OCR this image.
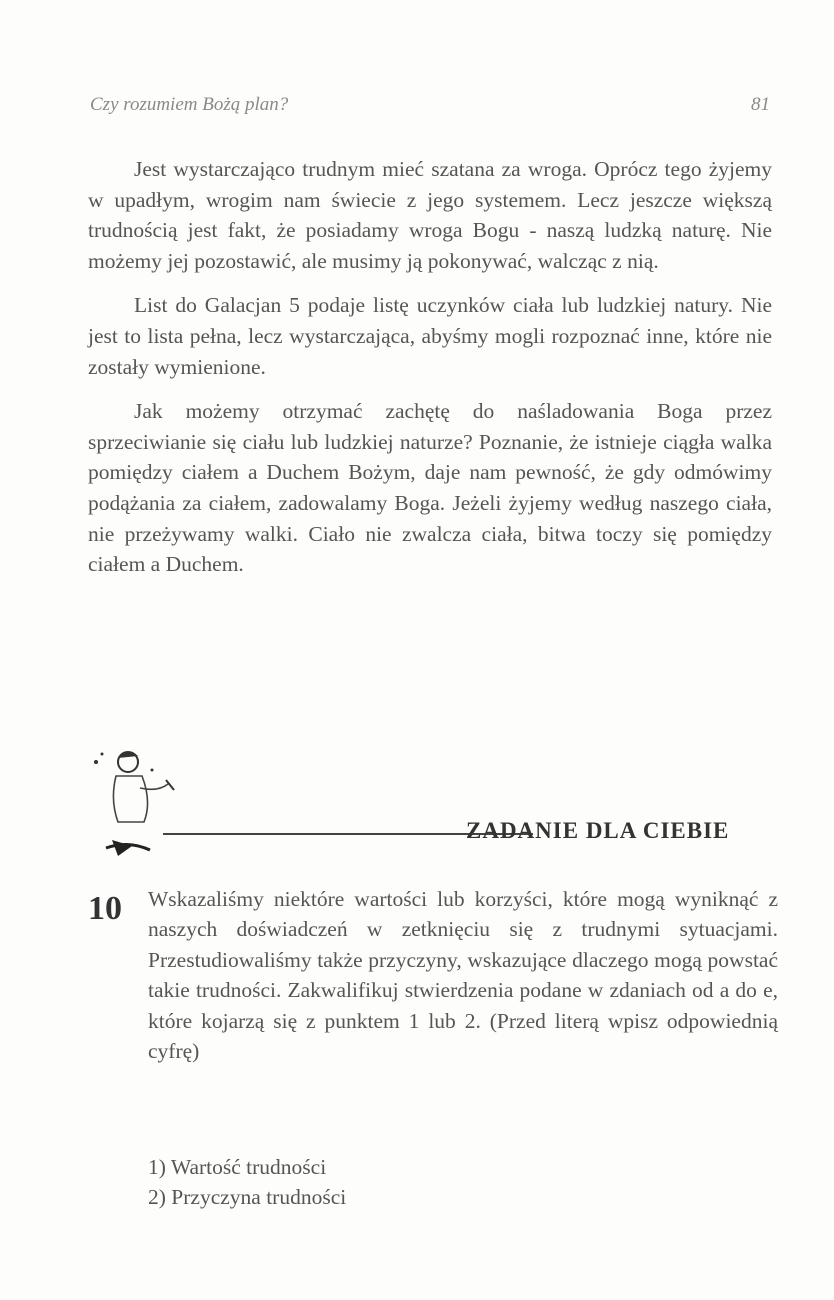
Czy rozumiem Bożą plan?	81

Jest wystarczająco trudnym mieć szatana za wroga. Oprócz tego żyjemy w upadłym, wrogim nam świecie z jego systemem. Lecz jeszcze większą trudnością jest fakt, że posiadamy wroga Bogu - naszą ludzką naturę. Nie możemy jej pozostawić, ale musimy ją pokonywać, walcząc z nią.

List do Galacjan 5 podaje listę uczynków ciała lub ludzkiej natury. Nie jest to lista pełna, lecz wystarczająca, abyśmy mogli rozpoznać inne, które nie zostały wymienione.

Jak możemy otrzymać zachętę do naśladowania Boga przez sprzeciwianie się ciału lub ludzkiej naturze? Poznanie, że istnieje ciągła walka pomiędzy ciałem a Duchem Bożym, daje nam pewność, że gdy odmówimy podążania za ciałem, zadowalamy Boga. Jeżeli żyjemy według naszego ciała, nie przeżywamy walki. Ciało nie zwalcza ciała, bitwa toczy się pomiędzy ciałem a Duchem.

ZADANIE DLA CIEBIE
10 Wskazaliśmy niektóre wartości lub korzyści, które mogą wyniknąć z naszych doświadczeń w zetknięciu się z trudnymi sytuacjami. Przestudiowaliśmy także przyczyny, wskazujące dlaczego mogą powstać takie trudności. Zakwalifikuj stwierdzenia podane w zdaniach od a do e, które kojarzą się z punktem 1 lub 2. (Przed literą wpisz odpowiednią cyfrę)
1) Wartość trudności
2) Przyczyna trudności
